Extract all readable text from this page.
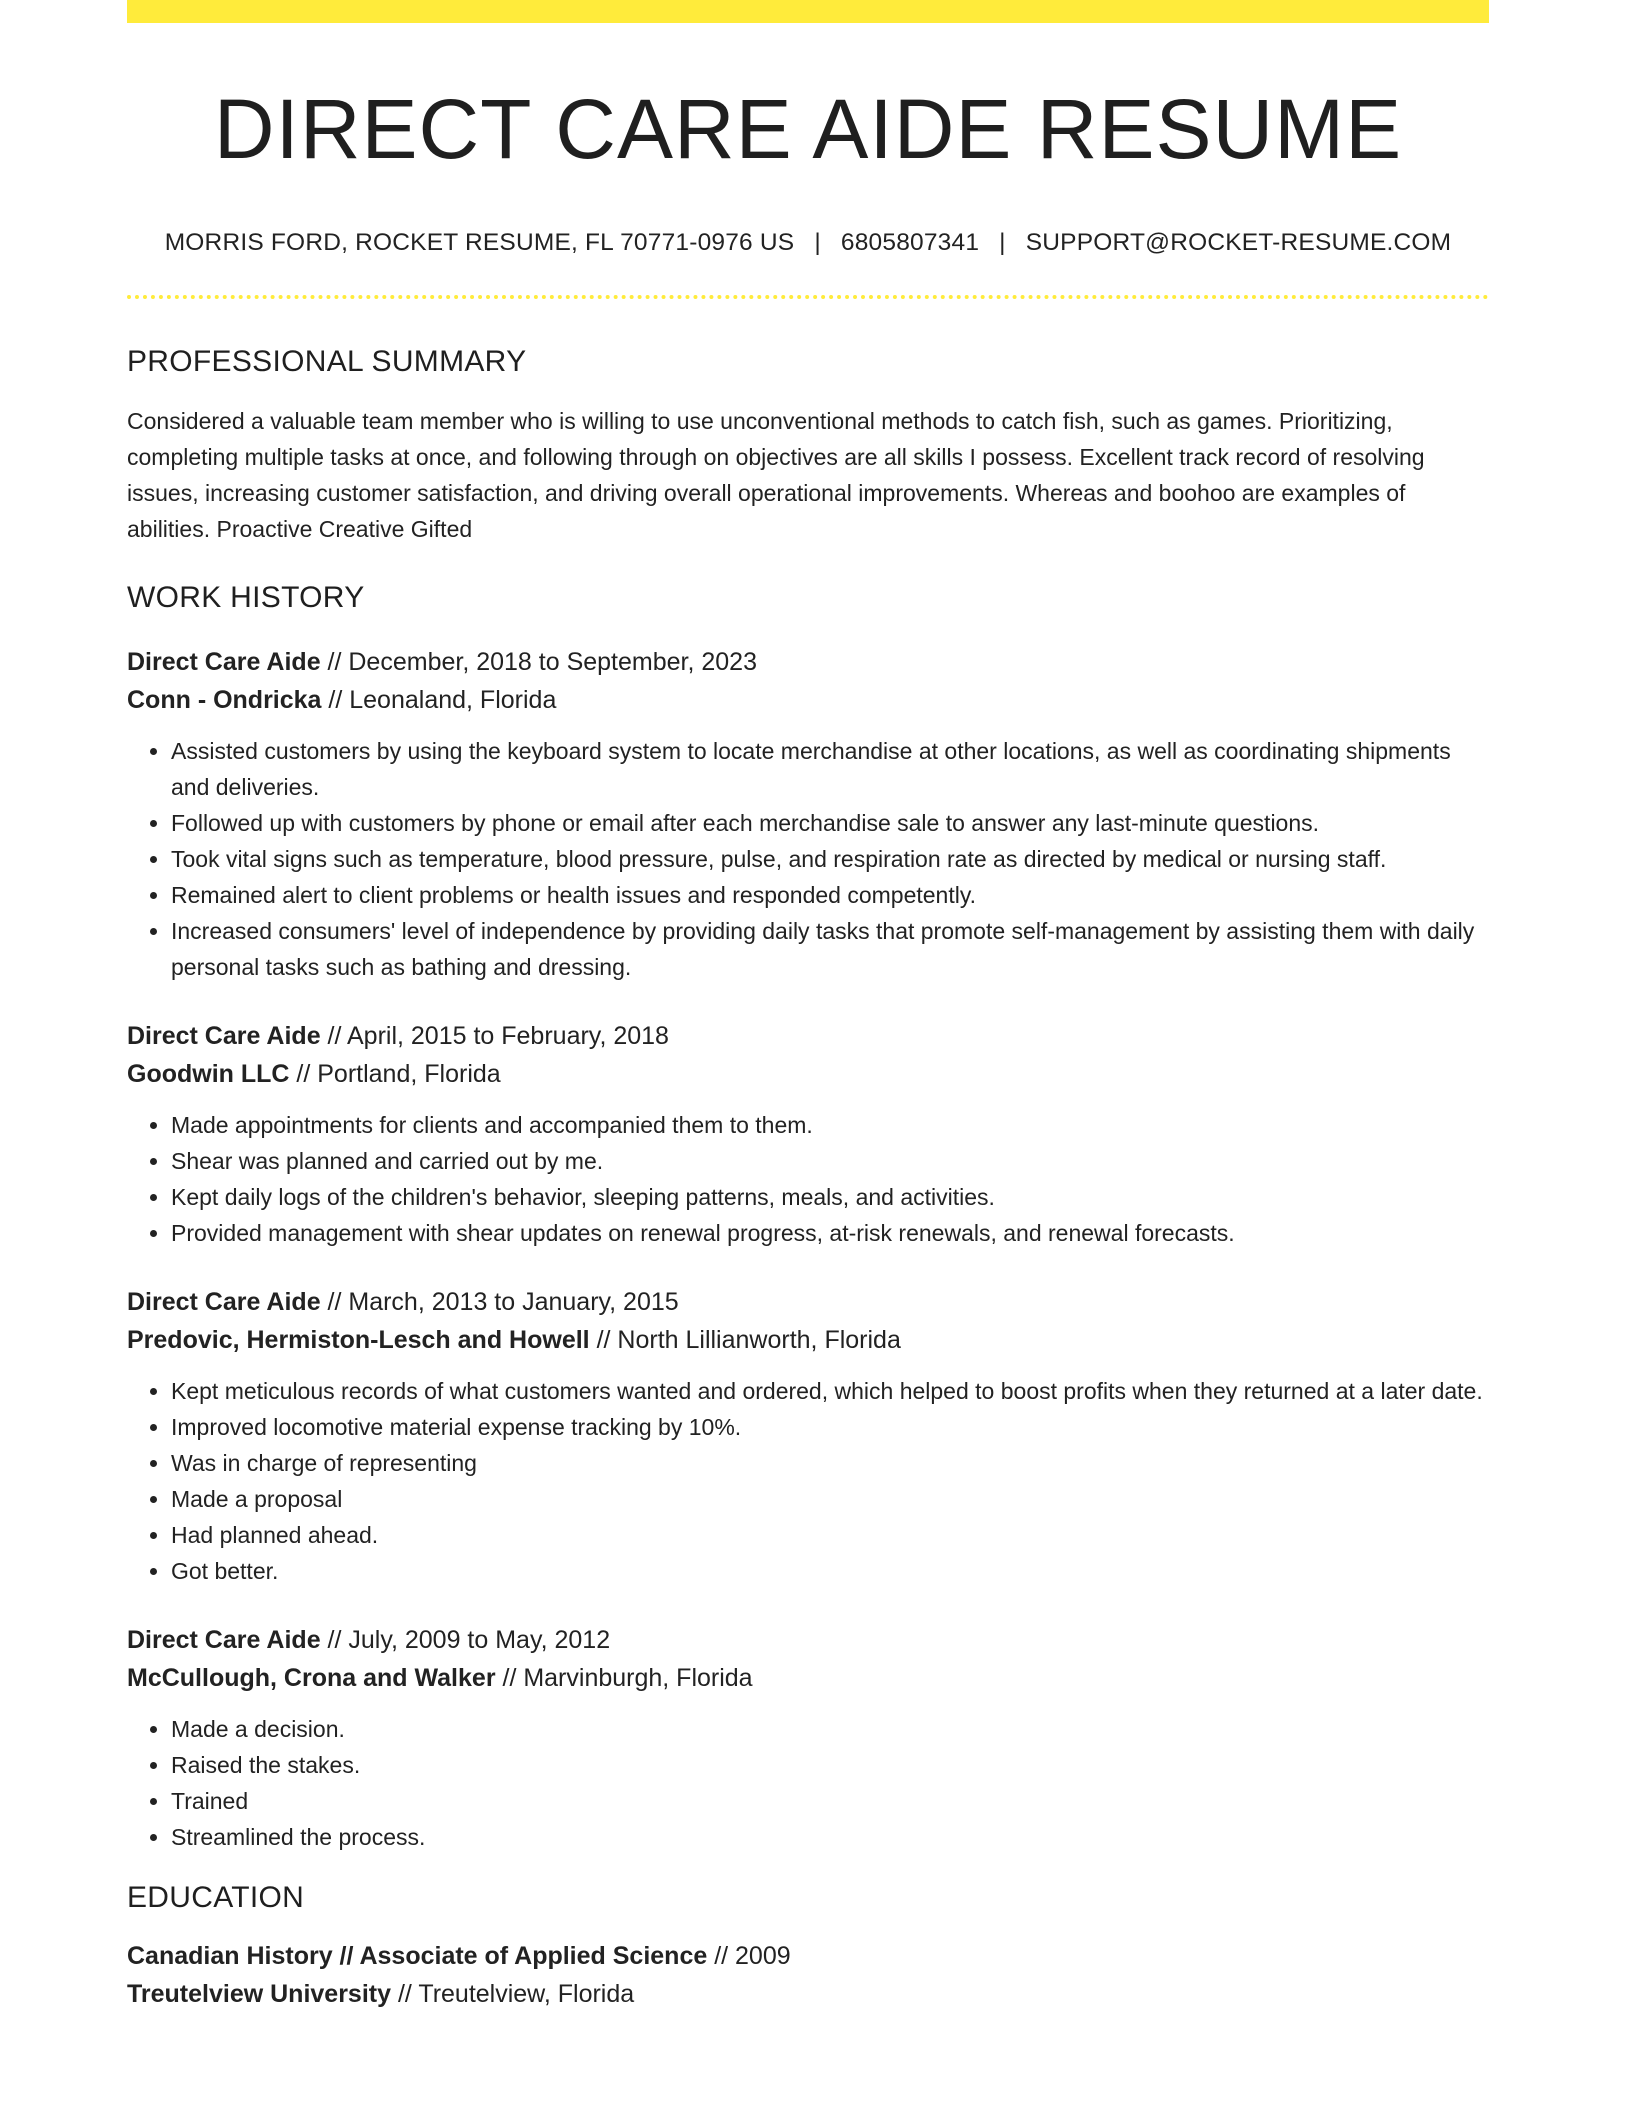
DIRECT CARE AIDE RESUME
MORRIS FORD, ROCKET RESUME, FL 70771-0976 US | 6805807341 | SUPPORT@ROCKET-RESUME.COM
PROFESSIONAL SUMMARY
Considered a valuable team member who is willing to use unconventional methods to catch fish, such as games. Prioritizing, completing multiple tasks at once, and following through on objectives are all skills I possess. Excellent track record of resolving issues, increasing customer satisfaction, and driving overall operational improvements. Whereas and boohoo are examples of abilities. Proactive Creative Gifted
WORK HISTORY
Direct Care Aide // December, 2018 to September, 2023
Conn - Ondricka // Leonaland, Florida
• Assisted customers by using the keyboard system to locate merchandise at other locations, as well as coordinating shipments and deliveries.
• Followed up with customers by phone or email after each merchandise sale to answer any last-minute questions.
• Took vital signs such as temperature, blood pressure, pulse, and respiration rate as directed by medical or nursing staff.
• Remained alert to client problems or health issues and responded competently.
• Increased consumers' level of independence by providing daily tasks that promote self-management by assisting them with daily personal tasks such as bathing and dressing.
Direct Care Aide // April, 2015 to February, 2018
Goodwin LLC // Portland, Florida
• Made appointments for clients and accompanied them to them.
• Shear was planned and carried out by me.
• Kept daily logs of the children's behavior, sleeping patterns, meals, and activities.
• Provided management with shear updates on renewal progress, at-risk renewals, and renewal forecasts.
Direct Care Aide // March, 2013 to January, 2015
Predovic, Hermiston-Lesch and Howell // North Lillianworth, Florida
• Kept meticulous records of what customers wanted and ordered, which helped to boost profits when they returned at a later date.
• Improved locomotive material expense tracking by 10%.
• Was in charge of representing
• Made a proposal
• Had planned ahead.
• Got better.
Direct Care Aide // July, 2009 to May, 2012
McCullough, Crona and Walker // Marvinburgh, Florida
• Made a decision.
• Raised the stakes.
• Trained
• Streamlined the process.
EDUCATION
Canadian History // Associate of Applied Science // 2009
Treutelview University // Treutelview, Florida
